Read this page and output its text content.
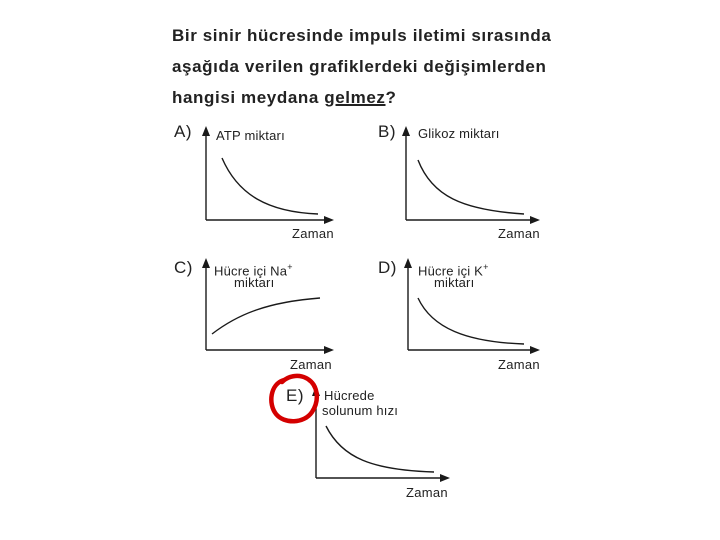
Bir sinir hücresinde impuls iletimi sırasında
aşağıda verilen grafiklerdeki değişimlerden
hangisi meydana gelmez?
A)	B)
C)	D)
E)
ATP miktarı	Glikoz miktarı
Hücre içi Na+
miktarı
Hücre içi K+
miktarı
Hücrede
solunum hızı
Zaman	Zaman
Zaman	Zaman
Zaman
